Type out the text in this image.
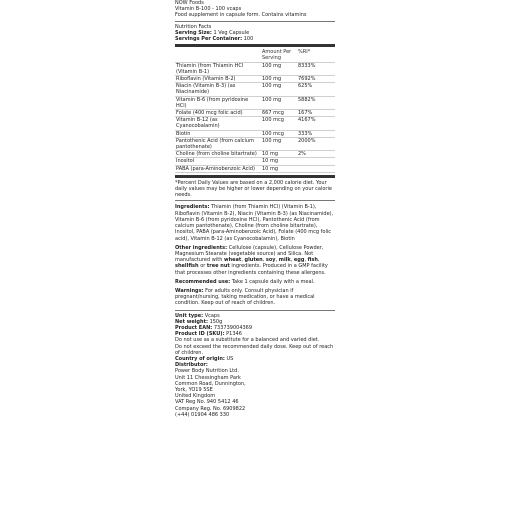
NOW Foods
Vitamin B-100 - 100 vcaps
Food supplement in capsule form. Contains vitamins
Nutrition Facts
Serving Size: 1 Veg Capsule
Servings Per Container: 100
	Amount Per Serving	%RI*
Thiamin (from Thiamin HCl (Vitamin B-1)	100 mg	8333%
Riboflavin (Vitamin B-2)	100 mg	7692%
Niacin (Vitamin B-3) (as Niacinamide)	100 mg	625%
Vitamin B-6 (from pyridoxine HCl)	100 mg	5882%
Folate (400 mcg folic acid)	667 mcg	167%
Vitamin B-12 (as Cyanocobalamin)	100 mcg	4167%
Biotin	100 mcg	333%
Pantothenic Acid (from calcium pantothenate)	100 mg	2000%
Choline (from choline bitartrate)	10 mg	2%
Inositol	10 mg	
PABA (para-Aminobenzoic Acid)	10 mg	
*Percent Daily Values are based on a 2,000 calorie diet. Your daily values may be higher or lower depending on your calorie needs.

Ingredients: Thiamin (from Thiamin HCl) (Vitamin B-1), Riboflavin (Vitamin B-2), Niacin (Vitamin B-3) (as Niacinamide), Vitamin B-6 (from pyridoxine HCl), Pantothenic Acid (from calcium pantothenate), Choline (from choline bitartrate), Inositol, PABA (para-Aminobenzoic Acid), Folate (400 mcg folic acid), Vitamin B-12 (as Cyanocobalamin), Biotin

Other ingredients: Cellulose (capsule), Cellulose Powder, Magnesium Stearate (vegetable source) and Silica. Not manufactured with wheat, gluten, soy, milk, egg, fish, shellfish or tree nut ingredients. Produced in a GMP facility that processes other ingredients containing these allergens.

Recommended use: Take 1 capsule daily with a meal.

Warnings: For adults only. Consult physician if pregnant/nursing, taking medication, or have a medical condition. Keep out of reach of children.

Unit type: Vcaps
Net weight: 150g
Product EAN: 733739004369
Product ID (SKU): P1346
Do not use as a substitute for a balanced and varied diet.
Do not exceed the recommended daily dose. Keep out of reach of children.
Country of origin: US
Distributor:
Power Body Nutrition Ltd.
Unit 11 Chessingham Park
Common Road, Dunnington,
York, YO19 5SE
United Kingdom
VAT Reg No. 940 5412 46
Company Reg. No. 6909822
(+44) 01904 486 330
